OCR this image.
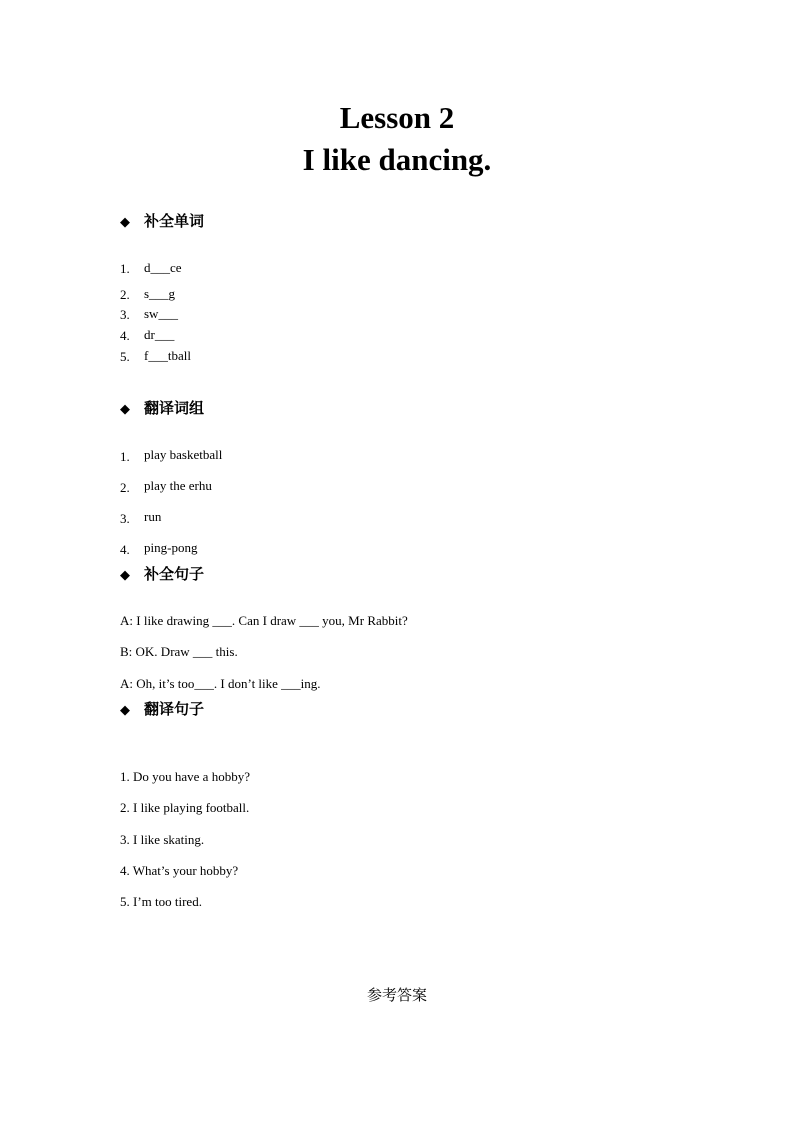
Lesson 2
I like dancing.
◆ 补全单词
1.	d___ce
2.	s___g
3.	sw___
4.	dr___
5.	f___tball
◆ 翻译词组
1.	play basketball
2.	play the erhu
3.	run
4.	ping-pong
◆ 补全句子
A: I like drawing ___. Can I draw ___ you, Mr Rabbit?
B: OK. Draw ___ this.
A: Oh, it’s too___. I don’t like ___ing.
◆ 翻译句子
1. Do you have a hobby?
2. I like playing football.
3. I like skating.
4. What’s your hobby?
5. I’m too tired.
参考答案
